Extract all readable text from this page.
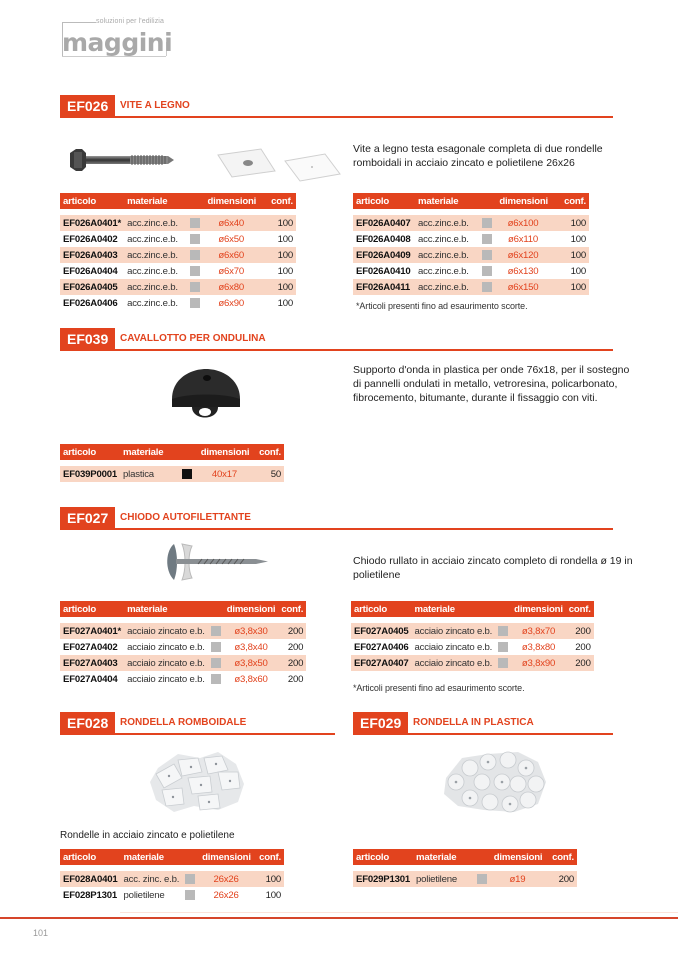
soluzioni per l'edilizia
maggini
EF026	VITE A LEGNO
Vite a legno testa esagonale completa di due rondelle romboidali in acciaio zincato e polietilene 26x26
articolo	materiale		dimensioni	conf.

EF026A0401*	acc.zinc.e.b.		ø6x40	100
EF026A0402	acc.zinc.e.b.		ø6x50	100
EF026A0403	acc.zinc.e.b.		ø6x60	100
EF026A0404	acc.zinc.e.b.		ø6x70	100
EF026A0405	acc.zinc.e.b.		ø6x80	100
EF026A0406	acc.zinc.e.b.		ø6x90	100
articolo	materiale		dimensioni	conf.

EF026A0407	acc.zinc.e.b.		ø6x100	100
EF026A0408	acc.zinc.e.b.		ø6x110	100
EF026A0409	acc.zinc.e.b.		ø6x120	100
EF026A0410	acc.zinc.e.b.		ø6x130	100
EF026A0411	acc.zinc.e.b.		ø6x150	100
*Articoli presenti fino ad esaurimento scorte.
EF039	CAVALLOTTO PER ONDULINA
Supporto d'onda in plastica per onde 76x18, per il sostegno di pannelli ondulati in metallo, vetroresina, policarbonato, fibrocemento, bitumante, durante il fissaggio con viti.
articolo	materiale		dimensioni	conf.

EF039P0001	plastica		40x17	50
EF027	CHIODO AUTOFILETTANTE
Chiodo rullato in acciaio zincato completo di rondella ø 19 in polietilene
articolo	materiale		dimensioni	conf.

EF027A0401*	acciaio zincato e.b.		ø3,8x30	200
EF027A0402	acciaio zincato e.b.		ø3,8x40	200
EF027A0403	acciaio zincato e.b.		ø3,8x50	200
EF027A0404	acciaio zincato e.b.		ø3,8x60	200
articolo	materiale		dimensioni	conf.

EF027A0405	acciaio zincato e.b.		ø3,8x70	200
EF027A0406	acciaio zincato e.b.		ø3,8x80	200
EF027A0407	acciaio zincato e.b.		ø3,8x90	200
*Articoli presenti fino ad esaurimento scorte.
EF028	RONDELLA ROMBOIDALE
Rondelle in acciaio zincato e polietilene
articolo	materiale		dimensioni	conf.

EF028A0401	acc. zinc. e.b.		26x26	100
EF028P1301	polietilene		26x26	100
EF029	RONDELLA IN PLASTICA
articolo	materiale		dimensioni	conf.

EF029P1301	polietilene		ø19	200
101
